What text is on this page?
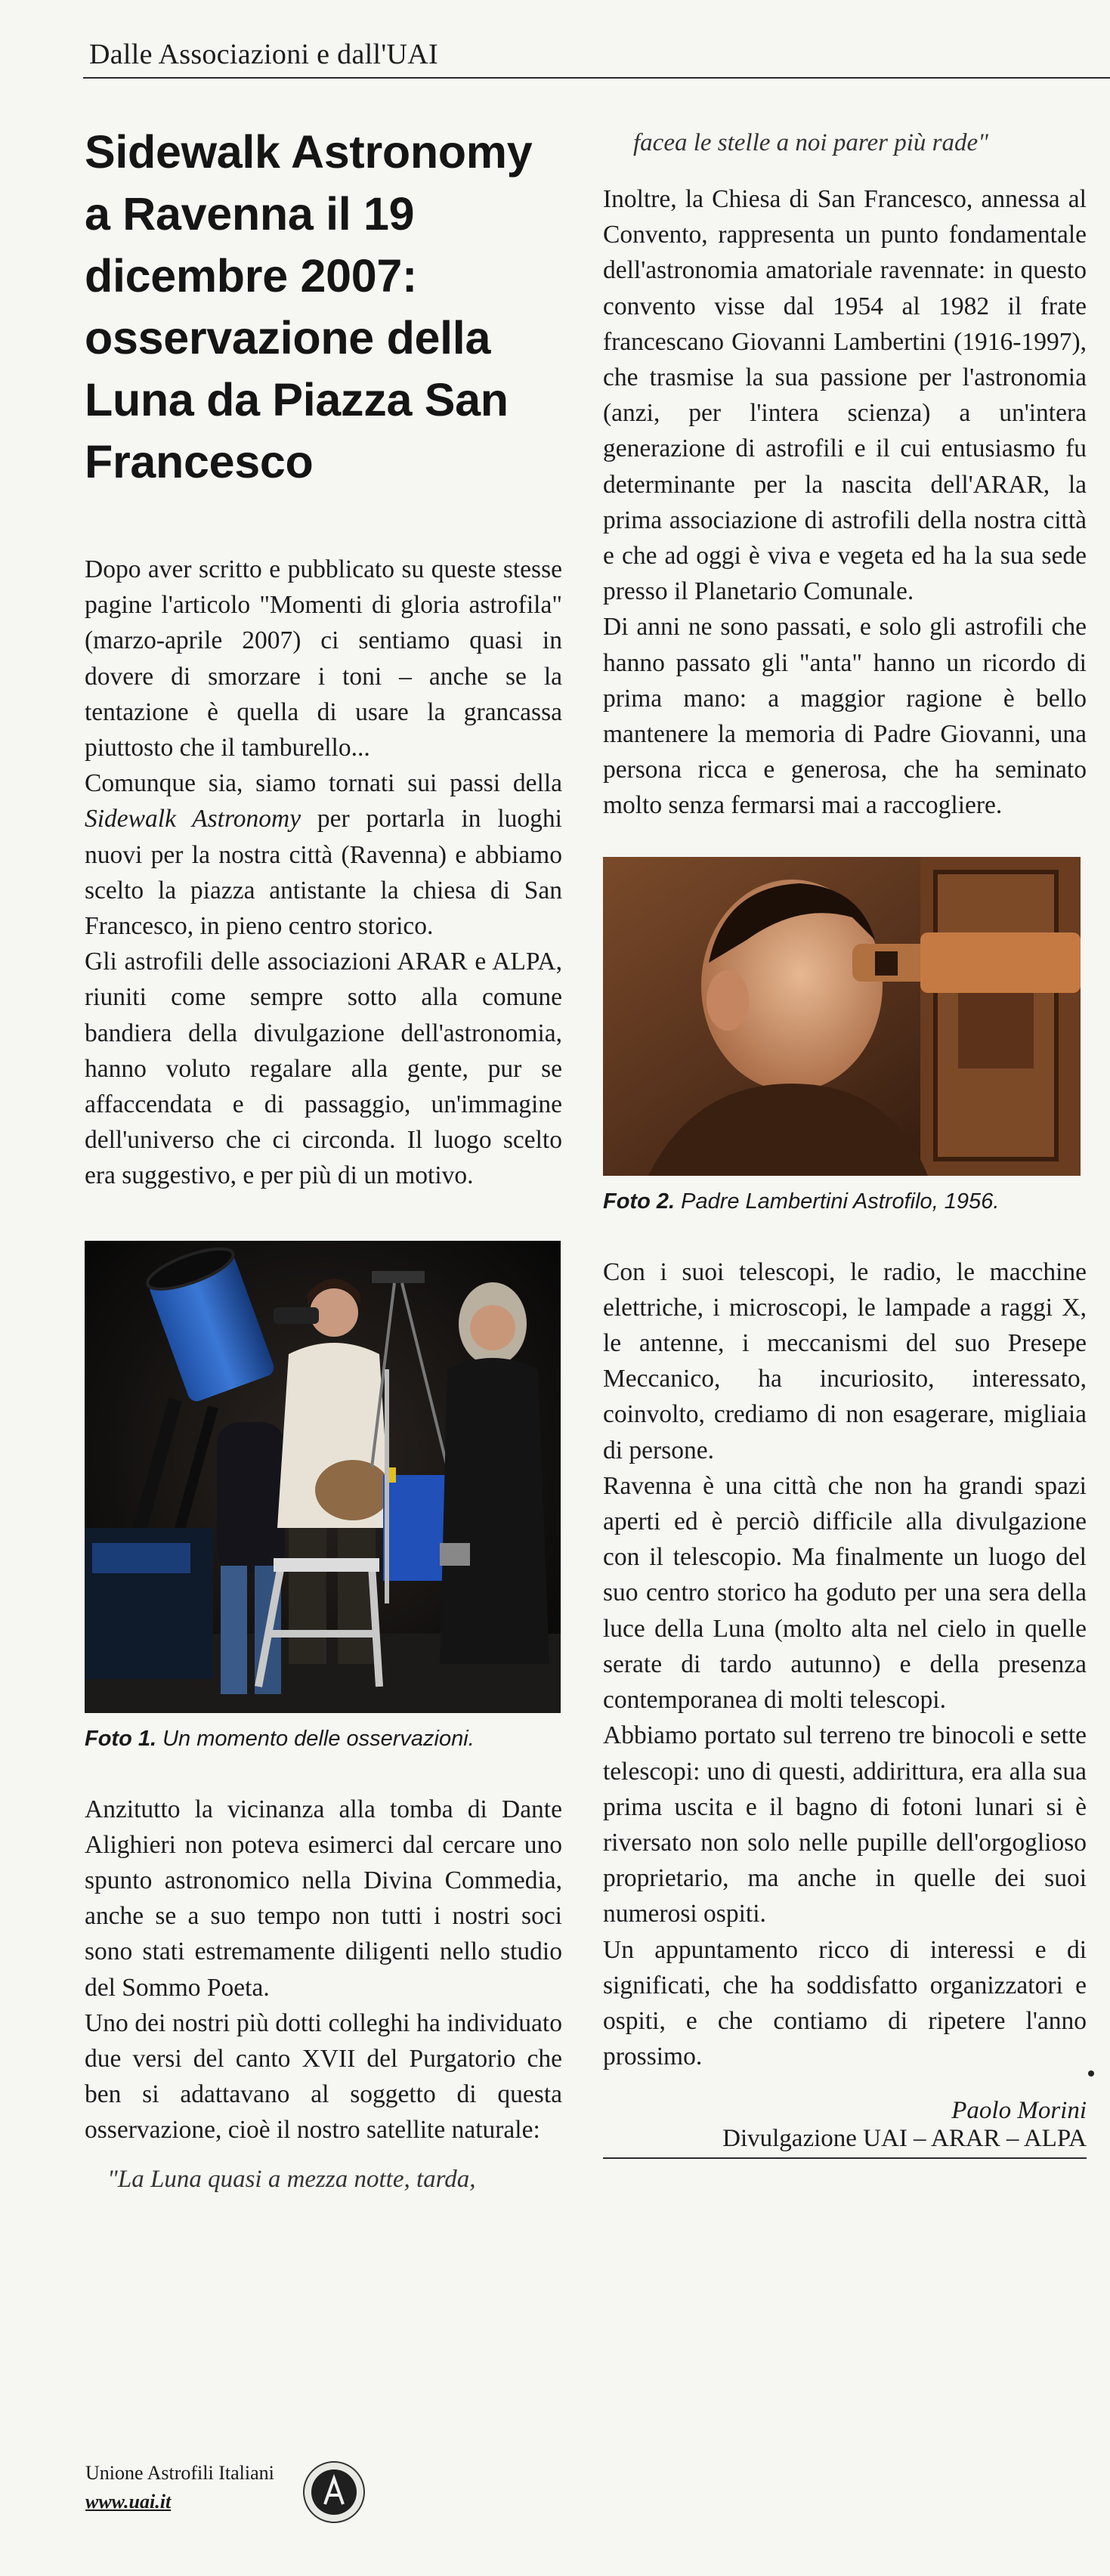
Dalle Associazioni e dall'UAI
Sidewalk Astronomy a Ravenna il 19 dicembre 2007: osservazione della Luna da Piazza San Francesco

Dopo aver scritto e pubblicato su queste stesse pagine l'articolo "Momenti di gloria astrofila" (marzo-aprile 2007) ci sentiamo quasi in dovere di smorzare i toni – anche se la tentazione è quella di usare la grancassa piuttosto che il tamburello...

Comunque sia, siamo tornati sui passi della Sidewalk Astronomy per portarla in luoghi nuovi per la nostra città (Ravenna) e abbiamo scelto la piazza antistante la chiesa di San Francesco, in pieno centro storico.

Gli astrofili delle associazioni ARAR e ALPA, riuniti come sempre sotto alla comune bandiera della divulgazione dell'astronomia, hanno voluto regalare alla gente, pur se affaccendata e di passaggio, un'immagine dell'universo che ci circonda. Il luogo scelto era suggestivo, e per più di un motivo.

Foto 1. Un momento delle osservazioni.

Anzitutto la vicinanza alla tomba di Dante Alighieri non poteva esimerci dal cercare uno spunto astronomico nella Divina Commedia, anche se a suo tempo non tutti i nostri soci sono stati estremamente diligenti nello studio del Sommo Poeta.

Uno dei nostri più dotti colleghi ha individuato due versi del canto XVII del Purgatorio che ben si adattavano al soggetto di questa osservazione, cioè il nostro satellite naturale:

"La Luna quasi a mezza notte, tarda,

facea le stelle a noi parer più rade"

Inoltre, la Chiesa di San Francesco, annessa al Convento, rappresenta un punto fondamentale dell'astronomia amatoriale ravennate: in questo convento visse dal 1954 al 1982 il frate francescano Giovanni Lambertini (1916-1997), che trasmise la sua passione per l'astronomia (anzi, per l'intera scienza) a un'intera generazione di astrofili e il cui entusiasmo fu determinante per la nascita dell'ARAR, la prima associazione di astrofili della nostra città e che ad oggi è viva e vegeta ed ha la sua sede presso il Planetario Comunale.

Di anni ne sono passati, e solo gli astrofili che hanno passato gli "anta" hanno un ricordo di prima mano: a maggior ragione è bello mantenere la memoria di Padre Giovanni, una persona ricca e generosa, che ha seminato molto senza fermarsi mai a raccogliere.

Foto 2. Padre Lambertini Astrofilo, 1956.

Con i suoi telescopi, le radio, le macchine elettriche, i microscopi, le lampade a raggi X, le antenne, i meccanismi del suo Presepe Meccanico, ha incuriosito, interessato, coinvolto, crediamo di non esagerare, migliaia di persone.

Ravenna è una città che non ha grandi spazi aperti ed è perciò difficile alla divulgazione con il telescopio. Ma finalmente un luogo del suo centro storico ha goduto per una sera della luce della Luna (molto alta nel cielo in quelle serate di tardo autunno) e della presenza contemporanea di molti telescopi.

Abbiamo portato sul terreno tre binocoli e sette telescopi: uno di questi, addirittura, era alla sua prima uscita e il bagno di fotoni lunari si è riversato non solo nelle pupille dell'orgoglioso proprietario, ma anche in quelle dei suoi numerosi ospiti.

Un appuntamento ricco di interessi e di significati, che ha soddisfatto organizzatori e ospiti, e che contiamo di ripetere l'anno prossimo.

Paolo Morini

Divulgazione UAI – ARAR – ALPA

Unione Astrofili Italiani
www.uai.it
